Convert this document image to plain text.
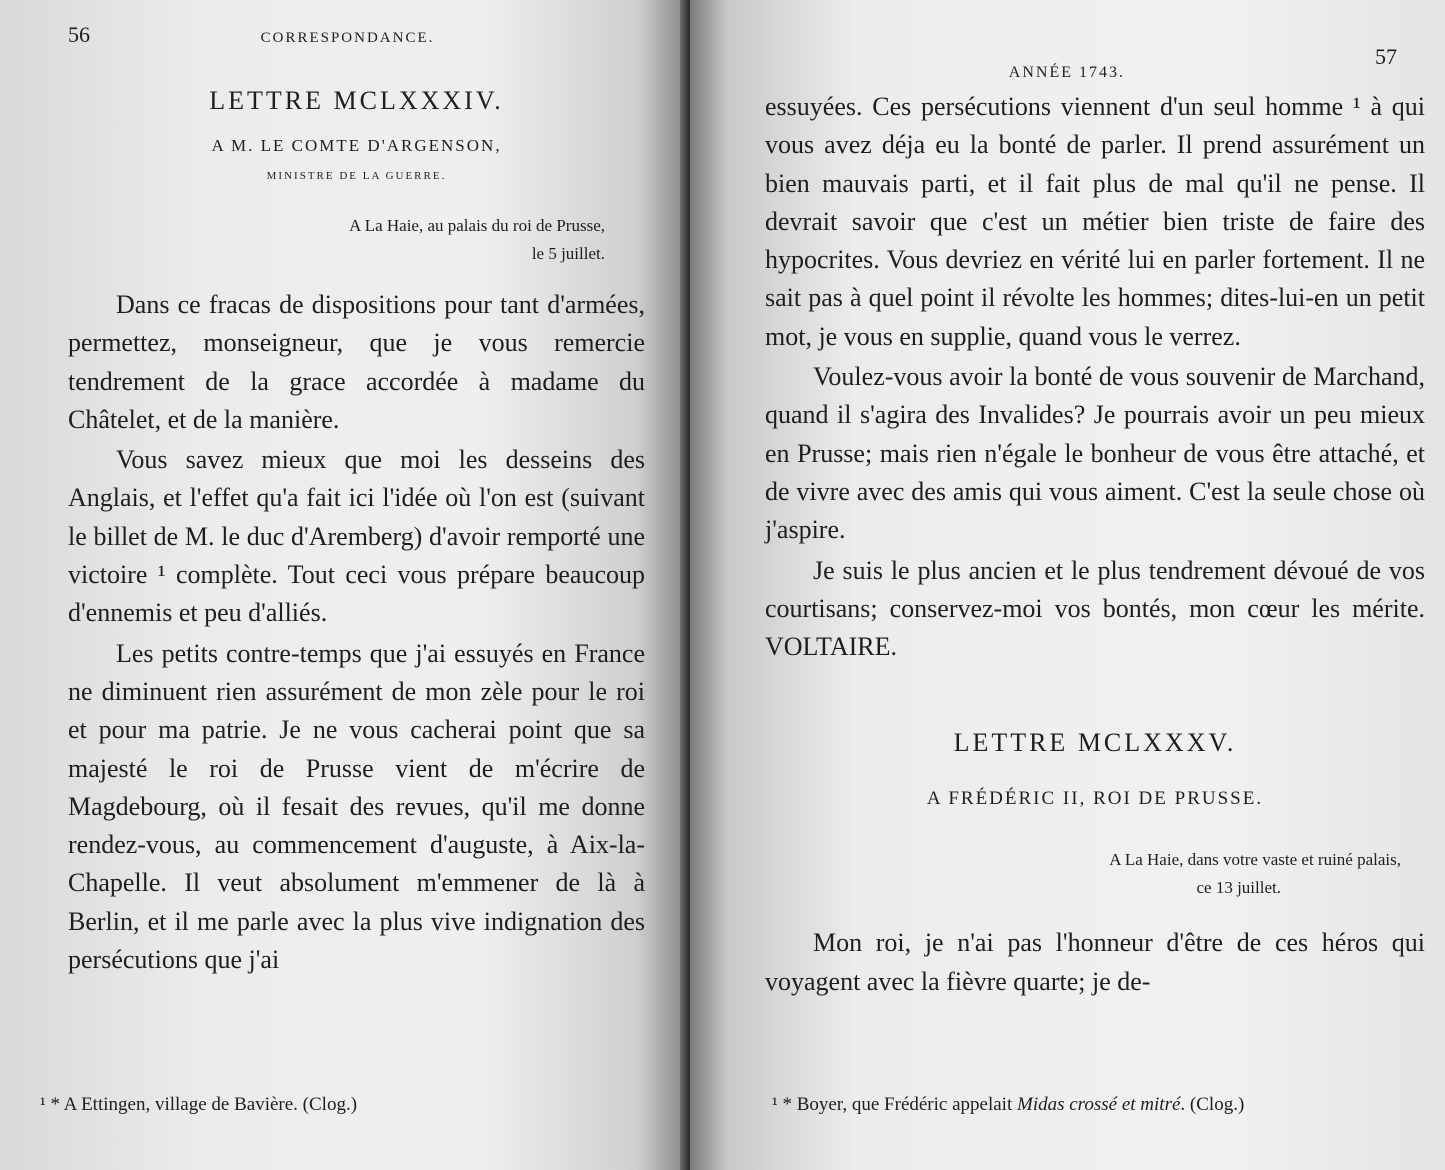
56	CORRESPONDANCE.
LETTRE MCLXXXIV.
A M. LE COMTE D'ARGENSON,
MINISTRE DE LA GUERRE.
A La Haie, au palais du roi de Prusse,
le 5 juillet.

Dans ce fracas de dispositions pour tant d'armées, permettez, monseigneur, que je vous remercie tendrement de la grace accordée à madame du Châtelet, et de la manière.

Vous savez mieux que moi les desseins des Anglais, et l'effet qu'a fait ici l'idée où l'on est (suivant le billet de M. le duc d'Aremberg) d'avoir remporté une victoire ¹ complète. Tout ceci vous prépare beaucoup d'ennemis et peu d'alliés.

Les petits contre-temps que j'ai essuyés en France ne diminuent rien assurément de mon zèle pour le roi et pour ma patrie. Je ne vous cacherai point que sa majesté le roi de Prusse vient de m'écrire de Magdebourg, où il fesait des revues, qu'il me donne rendez-vous, au commencement d'auguste, à Aix-la-Chapelle. Il veut absolument m'emmener de là à Berlin, et il me parle avec la plus vive indignation des persécutions que j'ai

¹ * A Ettingen, village de Bavière. (Clog.)
57
ANNÉE 1743.

essuyées. Ces persécutions viennent d'un seul homme ¹ à qui vous avez déja eu la bonté de parler. Il prend assurément un bien mauvais parti, et il fait plus de mal qu'il ne pense. Il devrait savoir que c'est un métier bien triste de faire des hypocrites. Vous devriez en vérité lui en parler fortement. Il ne sait pas à quel point il révolte les hommes; dites-lui-en un petit mot, je vous en supplie, quand vous le verrez.

Voulez-vous avoir la bonté de vous souvenir de Marchand, quand il s'agira des Invalides? Je pourrais avoir un peu mieux en Prusse; mais rien n'égale le bonheur de vous être attaché, et de vivre avec des amis qui vous aiment. C'est la seule chose où j'aspire.

Je suis le plus ancien et le plus tendrement dévoué de vos courtisans; conservez-moi vos bontés, mon cœur les mérite. VOLTAIRE.

LETTRE MCLXXXV.
A FRÉDÉRIC II, ROI DE PRUSSE.
A La Haie, dans votre vaste et ruiné palais,
ce 13 juillet.

Mon roi, je n'ai pas l'honneur d'être de ces héros qui voyagent avec la fièvre quarte; je de-

¹ * Boyer, que Frédéric appelait Midas crossé et mitré. (Clog.)
